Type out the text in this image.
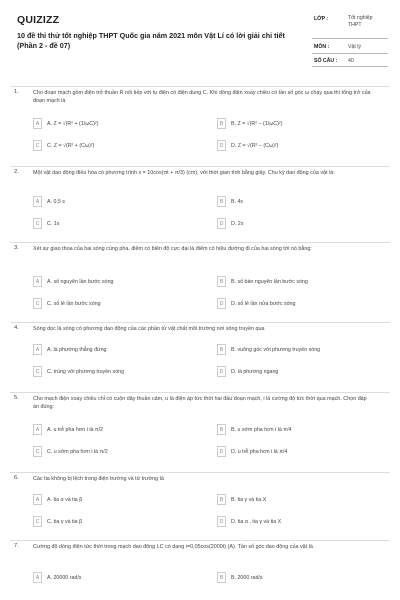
QUIZIZZ
10 đề thi thử tốt nghiệp THPT Quốc gia năm 2021 môn Vật Lí có lời giải chi tiết (Phần 2 - đề 07)
LỚP :	Tốt nghiệp THPT
MÔN :	Vật lý
SỐ CÂU : 40
1.	Cho đoạn mạch gồm điện trở thuần R nối tiếp với tụ điện có điện dung C. Khi dòng điện xoay chiều có tần số góc ω chạy qua thì tổng trở của đoạn mạch là
A	A. Z = √(R² + (1/ωC)²)	B	B. Z = √(R² − (1/ωC)²)
C	C. Z = √(R² + (Cω)²)	D	D. Z = √(R² − (Cω)²)
2.	Một vật dao động điều hòa có phương trình x = 10cos(πt + π/3) (cm), với thời gian tính bằng giây. Chu kỳ dao động của vật là:
A	A. 0,5 s	B	B. 4s
C	C. 1s	D	D. 2s
3.	Xét sự giao thoa của hai sóng cùng pha, điểm có biên độ cực đại là điểm có hiệu đường đi của hai sóng tới nó bằng:
A	A. số nguyên lần bước sóng	B	B. số bán nguyên lần bước sóng
C	C. số lẻ lần bước sóng	D	D. số lẻ lần nửa bước sóng
4.	Sóng dọc là sóng có phương dao động của các phần tử vật chất môi trường nơi sóng truyền qua
A	A. là phương thẳng đứng	B	B. vuông góc với phương truyền sóng
C	C. trùng với phương truyền sóng	D	D. là phương ngang
5.	Cho mạch điện xoay chiều chỉ có cuộn dây thuần cảm, u là điện áp tức thời hai đầu đoạn mạch, i là cường độ tức thời qua mạch. Chọn đáp án đúng:
A	A. u trễ pha hơn i là π/2	B	B. u sớm pha hơn i là π/4
C	C. u sớm pha hơn i là π/2	D	D. u trễ pha hơn i là π/4
6.	Các tia không bị lệch trong điện trường và từ trường là
A	A. tia α và tia β	B	B. tia γ và tia X
C	C. tia γ và tia β	D	D. tia α , tia γ và tia X
7.	Cường độ dòng điện tức thời trong mạch dao động LC có dạng i=0,05cos(2000t) (A). Tần số góc dao động của vật là
A	A. 20000 rad/s	B	B. 2000 rad/s
